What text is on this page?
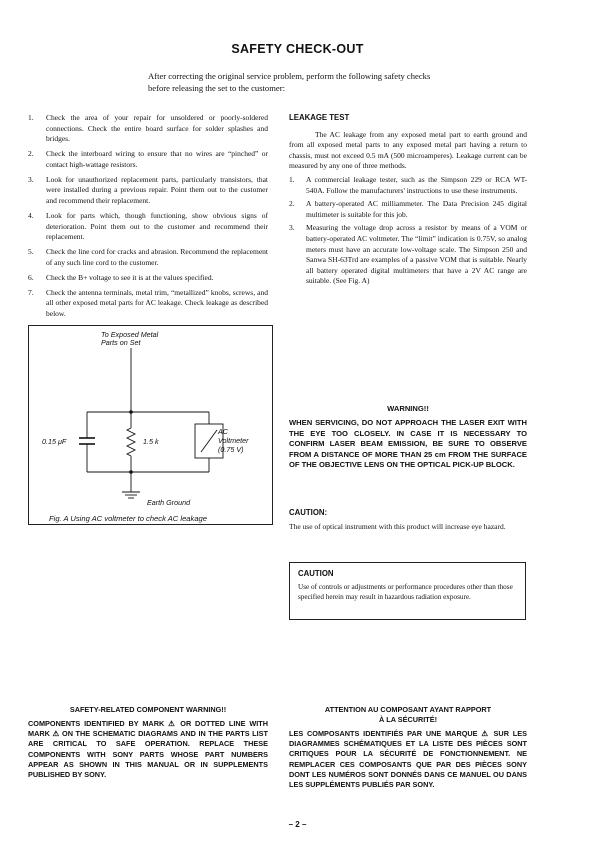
SAFETY CHECK-OUT
After correcting the original service problem, perform the following safety checks before releasing the set to the customer:
1. Check the area of your repair for unsoldered or poorly-soldered connections. Check the entire board surface for solder splashes and bridges.
2. Check the interboard wiring to ensure that no wires are “pinched” or contact high-wattage resistors.
3. Look for unauthorized replacement parts, particularly transistors, that were installed during a previous repair. Point them out to the customer and recommend their replacement.
4. Look for parts which, though functioning, show obvious signs of deterioration. Point them out to the customer and recommend their replacement.
5. Check the line cord for cracks and abrasion. Recommend the replacement of any such line cord to the customer.
6. Check the B+ voltage to see it is at the values specified.
7. Check the antenna terminals, metal trim, “metallized” knobs, screws, and all other exposed metal parts for AC leakage. Check leakage as described below.
LEAKAGE TEST

The AC leakage from any exposed metal part to earth ground and from all exposed metal parts to any exposed metal part having a return to chassis, must not exceed 0.5 mA (500 microamperes). Leakage current can be measured by any one of three methods.

1. A commercial leakage tester, such as the Simpson 229 or RCA WT-540A. Follow the manufacturers' instructions to use these instruments.
2. A battery-operated AC milliammeter. The Data Precision 245 digital multimeter is suitable for this job.
3. Measuring the voltage drop across a resistor by means of a VOM or battery-operated AC voltmeter. The “limit” indication is 0.75V, so analog meters must have an accurate low-voltage scale. The Simpson 250 and Sanwa SH-63Trd are examples of a passive VOM that is suitable. Nearly all battery operated digital multimeters that have a 2V AC range are suitable. (See Fig. A)
To Exposed Metal
Parts on Set
0.15 μF	1.5 k
AC
Voltmeter
(0.75 V)
Earth Ground
Fig. A Using AC voltmeter to check AC leakage
WARNING!!
WHEN SERVICING, DO NOT APPROACH THE LASER EXIT WITH THE EYE TOO CLOSELY. IN CASE IT IS NECESSARY TO CONFIRM LASER BEAM EMISSION, BE SURE TO OBSERVE FROM A DISTANCE OF MORE THAN 25 cm FROM THE SURFACE OF THE OBJECTIVE LENS ON THE OPTICAL PICK-UP BLOCK.
CAUTION:
The use of optical instrument with this product will increase eye hazard.
CAUTION
Use of controls or adjustments or performance procedures other than those specified herein may result in hazardous radiation exposure.
SAFETY-RELATED COMPONENT WARNING!!
COMPONENTS IDENTIFIED BY MARK ⚠ OR DOTTED LINE WITH MARK ⚠ ON THE SCHEMATIC DIAGRAMS AND IN THE PARTS LIST ARE CRITICAL TO SAFE OPERATION. REPLACE THESE COMPONENTS WITH SONY PARTS WHOSE PART NUMBERS APPEAR AS SHOWN IN THIS MANUAL OR IN SUPPLEMENTS PUBLISHED BY SONY.
ATTENTION AU COMPOSANT AYANT RAPPORT
À LA SÉCURITÉ!
LES COMPOSANTS IDENTIFIÉS PAR UNE MARQUE ⚠ SUR LES DIAGRAMMES SCHÉMATIQUES ET LA LISTE DES PIÈCES SONT CRITIQUES POUR LA SÉCURITÉ DE FONCTIONNEMENT. NE REMPLACER CES COMPOSANTS QUE PAR DES PIÈCES SONY DONT LES NUMÉROS SONT DONNÉS DANS CE MANUEL OU DANS LES SUPPLÉMENTS PUBLIÉS PAR SONY.
– 2 –
